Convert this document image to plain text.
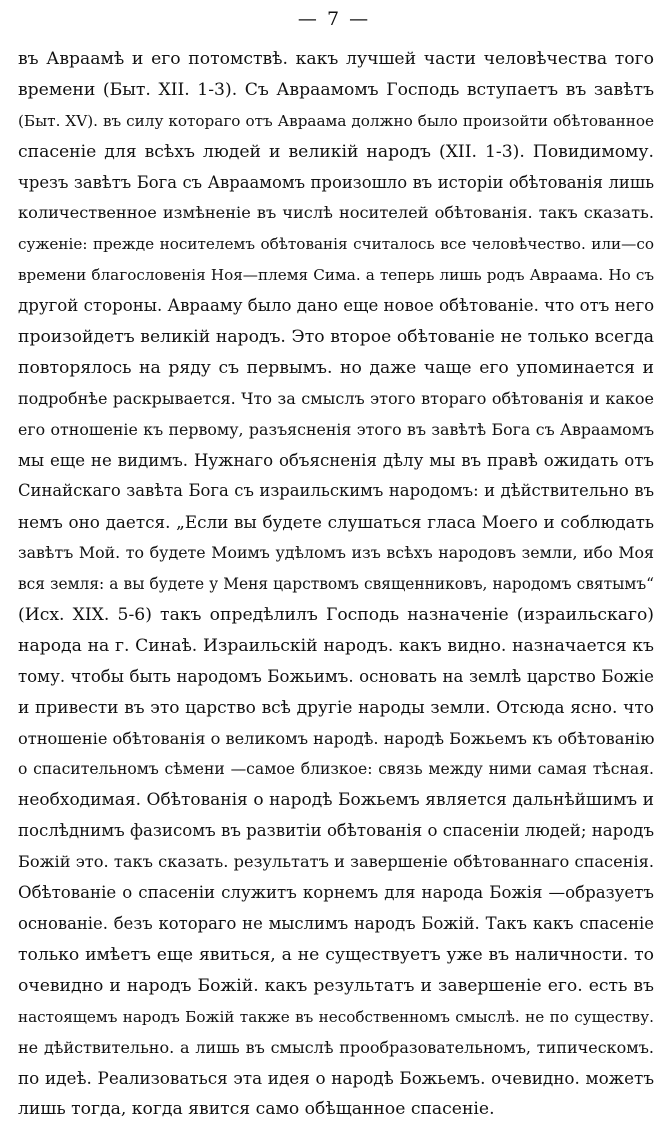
— 7 —
въ Авраамѣ и его потомствѣ. какъ лучшей части человѣчества того
времени (Быт. XII. 1-3). Съ Авраамомъ Господь вступаетъ въ завѣтъ
(Быт. XV). въ силу котораго отъ Авраама должно было произойти обѣтованное
спасеніе для всѣхъ людей и великій народъ (XII. 1-3). Повидимому.
чрезъ завѣтъ Бога съ Авраамомъ произошло въ исторіи обѣтованія лишь
количественное измѣненіе въ числѣ носителей обѣтованія. такъ сказать.
суженіе: прежде носителемъ обѣтованія считалось все человѣчество. или—со
времени благословенія Ноя—племя Сима. а теперь лишь родъ Авраама. Но съ
другой стороны. Аврааму было дано еще новое обѣтованіе. что отъ него
произойдетъ великій народъ. Это второе обѣтованіе не только всегда
повторялось на ряду съ первымъ. но даже чаще его упоминается и
подробнѣе раскрывается. Что за смыслъ этого втораго обѣтованія и какое
его отношеніе къ первому, разъясненія этого въ завѣтѣ Бога съ Авраамомъ
мы еще не видимъ. Нужнаго объясненія дѣлу мы въ правѣ ожидать отъ
Синайскаго завѣта Бога съ израильскимъ народомъ: и дѣйствительно въ
немъ оно дается. „Если вы будете слушаться гласа Моего и соблюдать
завѣтъ Мой. то будете Моимъ удѣломъ изъ всѣхъ народовъ земли, ибо Моя
вся земля: а вы будете у Меня царствомъ священниковъ, народомъ святымъ“
(Исх. XIX. 5-6) такъ опредѣлилъ Господь назначеніе (израильскаго)
народа на г. Синаѣ. Израильскій народъ. какъ видно. назначается къ
тому. чтобы быть народомъ Божьимъ. основать на землѣ царство Божіе
и привести въ это царство всѣ другіе народы земли. Отсюда ясно. что
отношеніе обѣтованія о великомъ народѣ. народѣ Божьемъ къ обѣтованію
о спасительномъ сѣмени —самое близкое: связь между ними самая тѣсная.
необходимая. Обѣтованія о народѣ Божьемъ является дальнѣйшимъ и
послѣднимъ фазисомъ въ развитіи обѣтованія о спасеніи людей; народъ
Божій это. такъ сказать. результатъ и завершеніе обѣтованнаго спасенія.
Обѣтованіе о спасеніи служитъ корнемъ для народа Божія —образуетъ
основаніе. безъ котораго не мыслимъ народъ Божій. Такъ какъ спасеніе
только имѣетъ еще явиться, а не существуетъ уже въ наличности. то
очевидно и народъ Божій. какъ результатъ и завершеніе его. есть въ
настоящемъ народъ Божій также въ несобственномъ смыслѣ. не по существу.
не дѣйствительно. а лишь въ смыслѣ прообразовательномъ, типическомъ.
по идеѣ. Реализоваться эта идея о народѣ Божьемъ. очевидно. можетъ
лишь тогда, когда явится само обѣщанное спасеніе.
